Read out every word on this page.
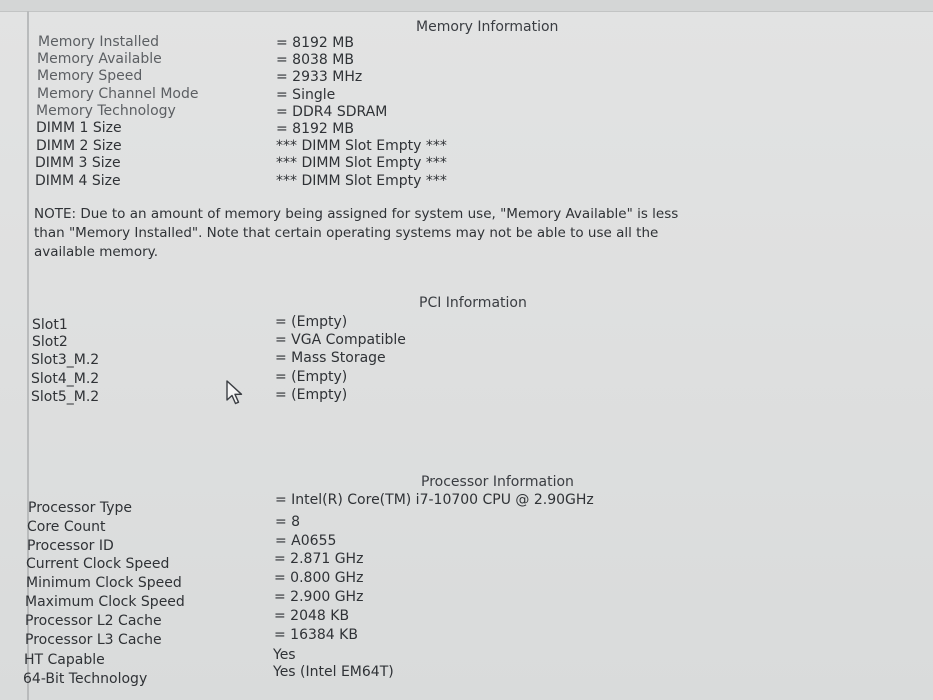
Memory Information
Memory Installed	= 8192 MB
Memory Available	= 8038 MB
Memory Speed	= 2933 MHz
Memory Channel Mode	= Single
Memory Technology	= DDR4 SDRAM
DIMM 1 Size	= 8192 MB
DIMM 2 Size	*** DIMM Slot Empty ***
DIMM 3 Size	*** DIMM Slot Empty ***
DIMM 4 Size	*** DIMM Slot Empty ***
NOTE: Due to an amount of memory being assigned for system use, "Memory Available" is less
than "Memory Installed". Note that certain operating systems may not be able to use all the
available memory.
PCI Information
Slot1	= (Empty)
Slot2	= VGA Compatible
Slot3_M.2	= Mass Storage
Slot4_M.2	= (Empty)
Slot5_M.2	= (Empty)
Processor Information
Processor Type	= Intel(R) Core(TM) i7-10700 CPU @ 2.90GHz
Core Count	= 8
Processor ID	= A0655
Current Clock Speed	= 2.871 GHz
Minimum Clock Speed	= 0.800 GHz
Maximum Clock Speed	= 2.900 GHz
Processor L2 Cache	= 2048 KB
Processor L3 Cache	= 16384 KB
HT Capable	Yes
64-Bit Technology	Yes (Intel EM64T)
